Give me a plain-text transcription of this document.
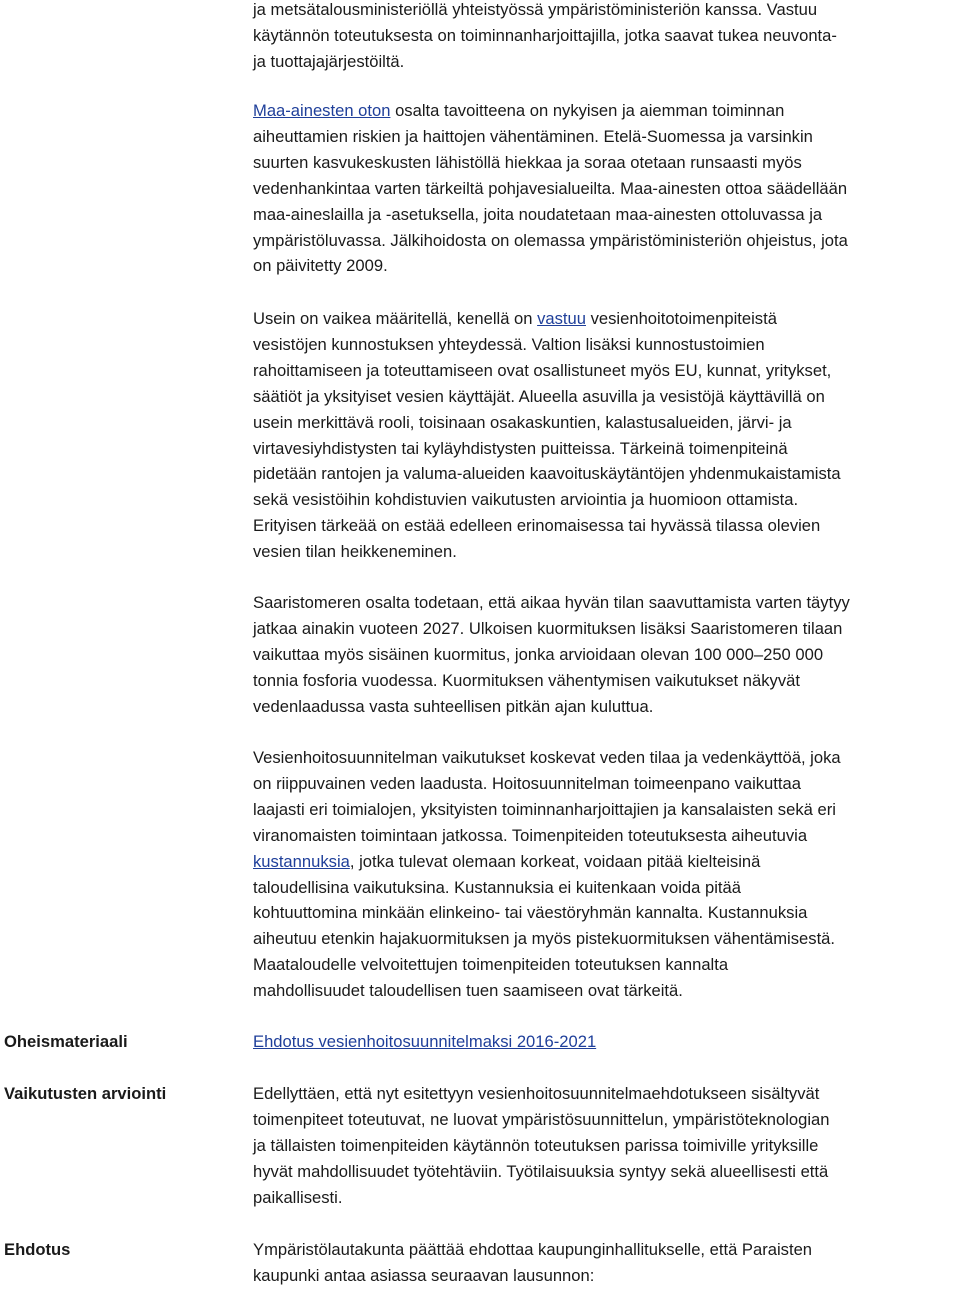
ja metsätalousministeriöllä yhteistyössä ympäristöministeriön kanssa. Vastuu
käytännön toteutuksesta on toiminnanharjoittajilla, jotka saavat tukea neuvonta-
ja tuottajajärjestöiltä.

Maa-ainesten oton osalta tavoitteena on nykyisen ja aiemman toiminnan
aiheuttamien riskien ja haittojen vähentäminen. Etelä-Suomessa ja varsinkin
suurten kasvukeskusten lähistöllä hiekkaa ja soraa otetaan runsaasti myös
vedenhankintaa varten tärkeiltä pohjavesialueilta. Maa-ainesten ottoa säädellään
maa-aineslailla ja -asetuksella, joita noudatetaan maa-ainesten ottoluvassa ja
ympäristöluvassa. Jälkihoidosta on olemassa ympäristöministeriön ohjeistus, jota
on päivitetty 2009.

Usein on vaikea määritellä, kenellä on vastuu vesienhoitotoimenpiteistä
vesistöjen kunnostuksen yhteydessä. Valtion lisäksi kunnostustoimien
rahoittamiseen ja toteuttamiseen ovat osallistuneet myös EU, kunnat, yritykset,
säätiöt ja yksityiset vesien käyttäjät. Alueella asuvilla ja vesistöjä käyttävillä on
usein merkittävä rooli, toisinaan osakaskuntien, kalastusalueiden, järvi- ja
virtavesiyhdistysten tai kyläyhdistysten puitteissa. Tärkeinä toimenpiteinä
pidetään rantojen ja valuma-alueiden kaavoituskäytäntöjen yhdenmukaistamista
sekä vesistöihin kohdistuvien vaikutusten arviointia ja huomioon ottamista.
Erityisen tärkeää on estää edelleen erinomaisessa tai hyvässä tilassa olevien
vesien tilan heikkeneminen.

Saaristomeren osalta todetaan, että aikaa hyvän tilan saavuttamista varten täytyy
jatkaa ainakin vuoteen 2027. Ulkoisen kuormituksen lisäksi Saaristomeren tilaan
vaikuttaa myös sisäinen kuormitus, jonka arvioidaan olevan 100 000–250 000
tonnia fosforia vuodessa. Kuormituksen vähentymisen vaikutukset näkyvät
vedenlaadussa vasta suhteellisen pitkän ajan kuluttua.

Vesienhoitosuunnitelman vaikutukset koskevat veden tilaa ja vedenkäyttöä, joka
on riippuvainen veden laadusta. Hoitosuunnitelman toimeenpano vaikuttaa
laajasti eri toimialojen, yksityisten toiminnanharjoittajien ja kansalaisten sekä eri
viranomaisten toimintaan jatkossa. Toimenpiteiden toteutuksesta aiheutuvia
kustannuksia, jotka tulevat olemaan korkeat, voidaan pitää kielteisinä
taloudellisina vaikutuksina. Kustannuksia ei kuitenkaan voida pitää
kohtuuttomina minkään elinkeino- tai väestöryhmän kannalta. Kustannuksia
aiheutuu etenkin hajakuormituksen ja myös pistekuormituksen vähentämisestä.
Maataloudelle velvoitettujen toimenpiteiden toteutuksen kannalta
mahdollisuudet taloudellisen tuen saamiseen ovat tärkeitä.

Oheismateriaali	Ehdotus vesienhoitosuunnitelmaksi 2016-2021

Vaikutusten arviointi	Edellyttäen, että nyt esitettyyn vesienhoitosuunnitelmaehdotukseen sisältyvät
toimenpiteet toteutuvat, ne luovat ympäristösuunnittelun, ympäristöteknologian
ja tällaisten toimenpiteiden käytännön toteutuksen parissa toimiville yrityksille
hyvät mahdollisuudet työtehtäviin. Työtilaisuuksia syntyy sekä alueellisesti että
paikallisesti.

Ehdotus	Ympäristölautakunta päättää ehdottaa kaupunginhallitukselle, että Paraisten
kaupunki antaa asiassa seuraavan lausunnon:
